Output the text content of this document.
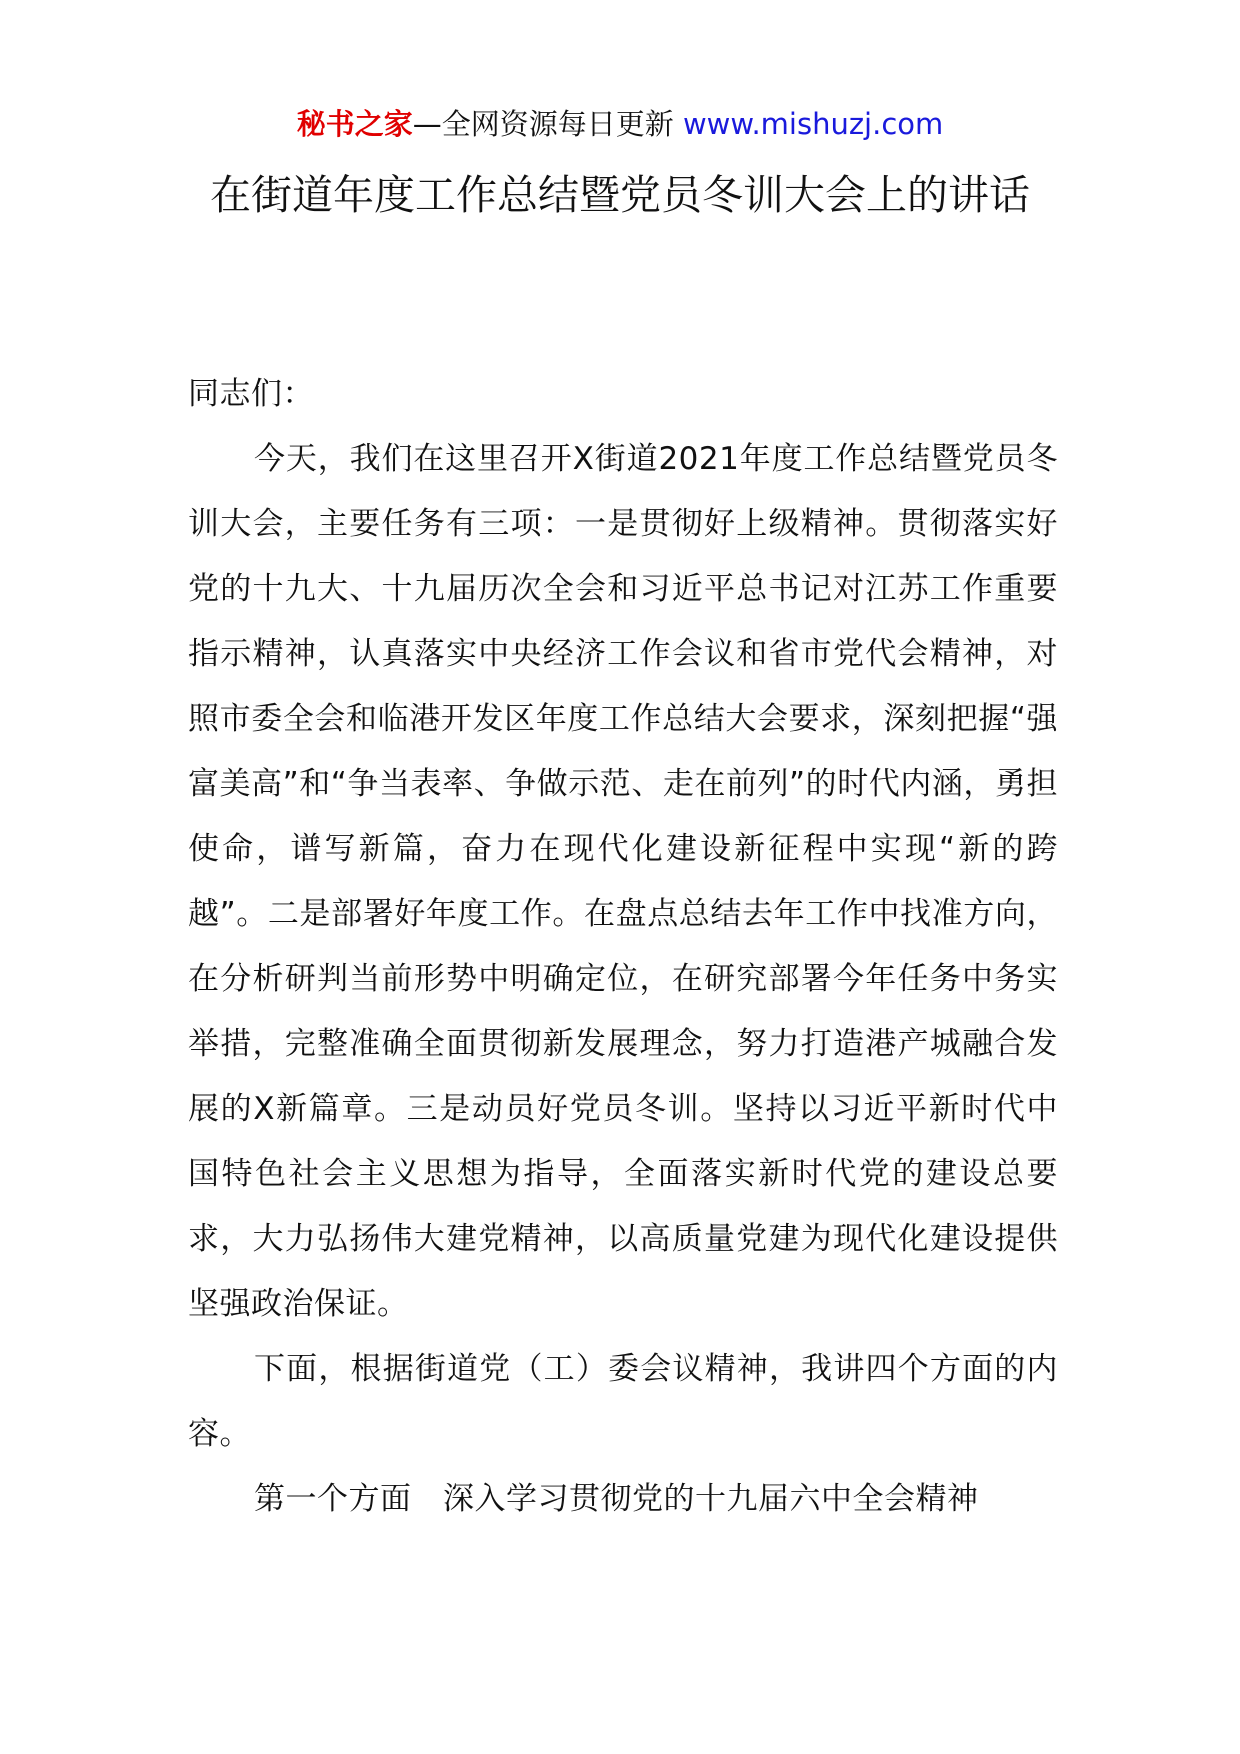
秘书之家—全网资源每日更新 www.mishuzj.com
在街道年度工作总结暨党员冬训大会上的讲话

同志们：

今天，我们在这里召开X街道2021年度工作总结暨党员冬训大会，主要任务有三项：一是贯彻好上级精神。贯彻落实好党的十九大、十九届历次全会和习近平总书记对江苏工作重要指示精神，认真落实中央经济工作会议和省市党代会精神，对照市委全会和临港开发区年度工作总结大会要求，深刻把握“强富美高”和“争当表率、争做示范、走在前列”的时代内涵，勇担使命，谱写新篇，奋力在现代化建设新征程中实现“新的跨越”。二是部署好年度工作。在盘点总结去年工作中找准方向，在分析研判当前形势中明确定位，在研究部署今年任务中务实举措，完整准确全面贯彻新发展理念，努力打造港产城融合发展的X新篇章。三是动员好党员冬训。坚持以习近平新时代中国特色社会主义思想为指导，全面落实新时代党的建设总要求，大力弘扬伟大建党精神，以高质量党建为现代化建设提供坚强政治保证。

下面，根据街道党（工）委会议精神，我讲四个方面的内容。

第一个方面　深入学习贯彻党的十九届六中全会精神
